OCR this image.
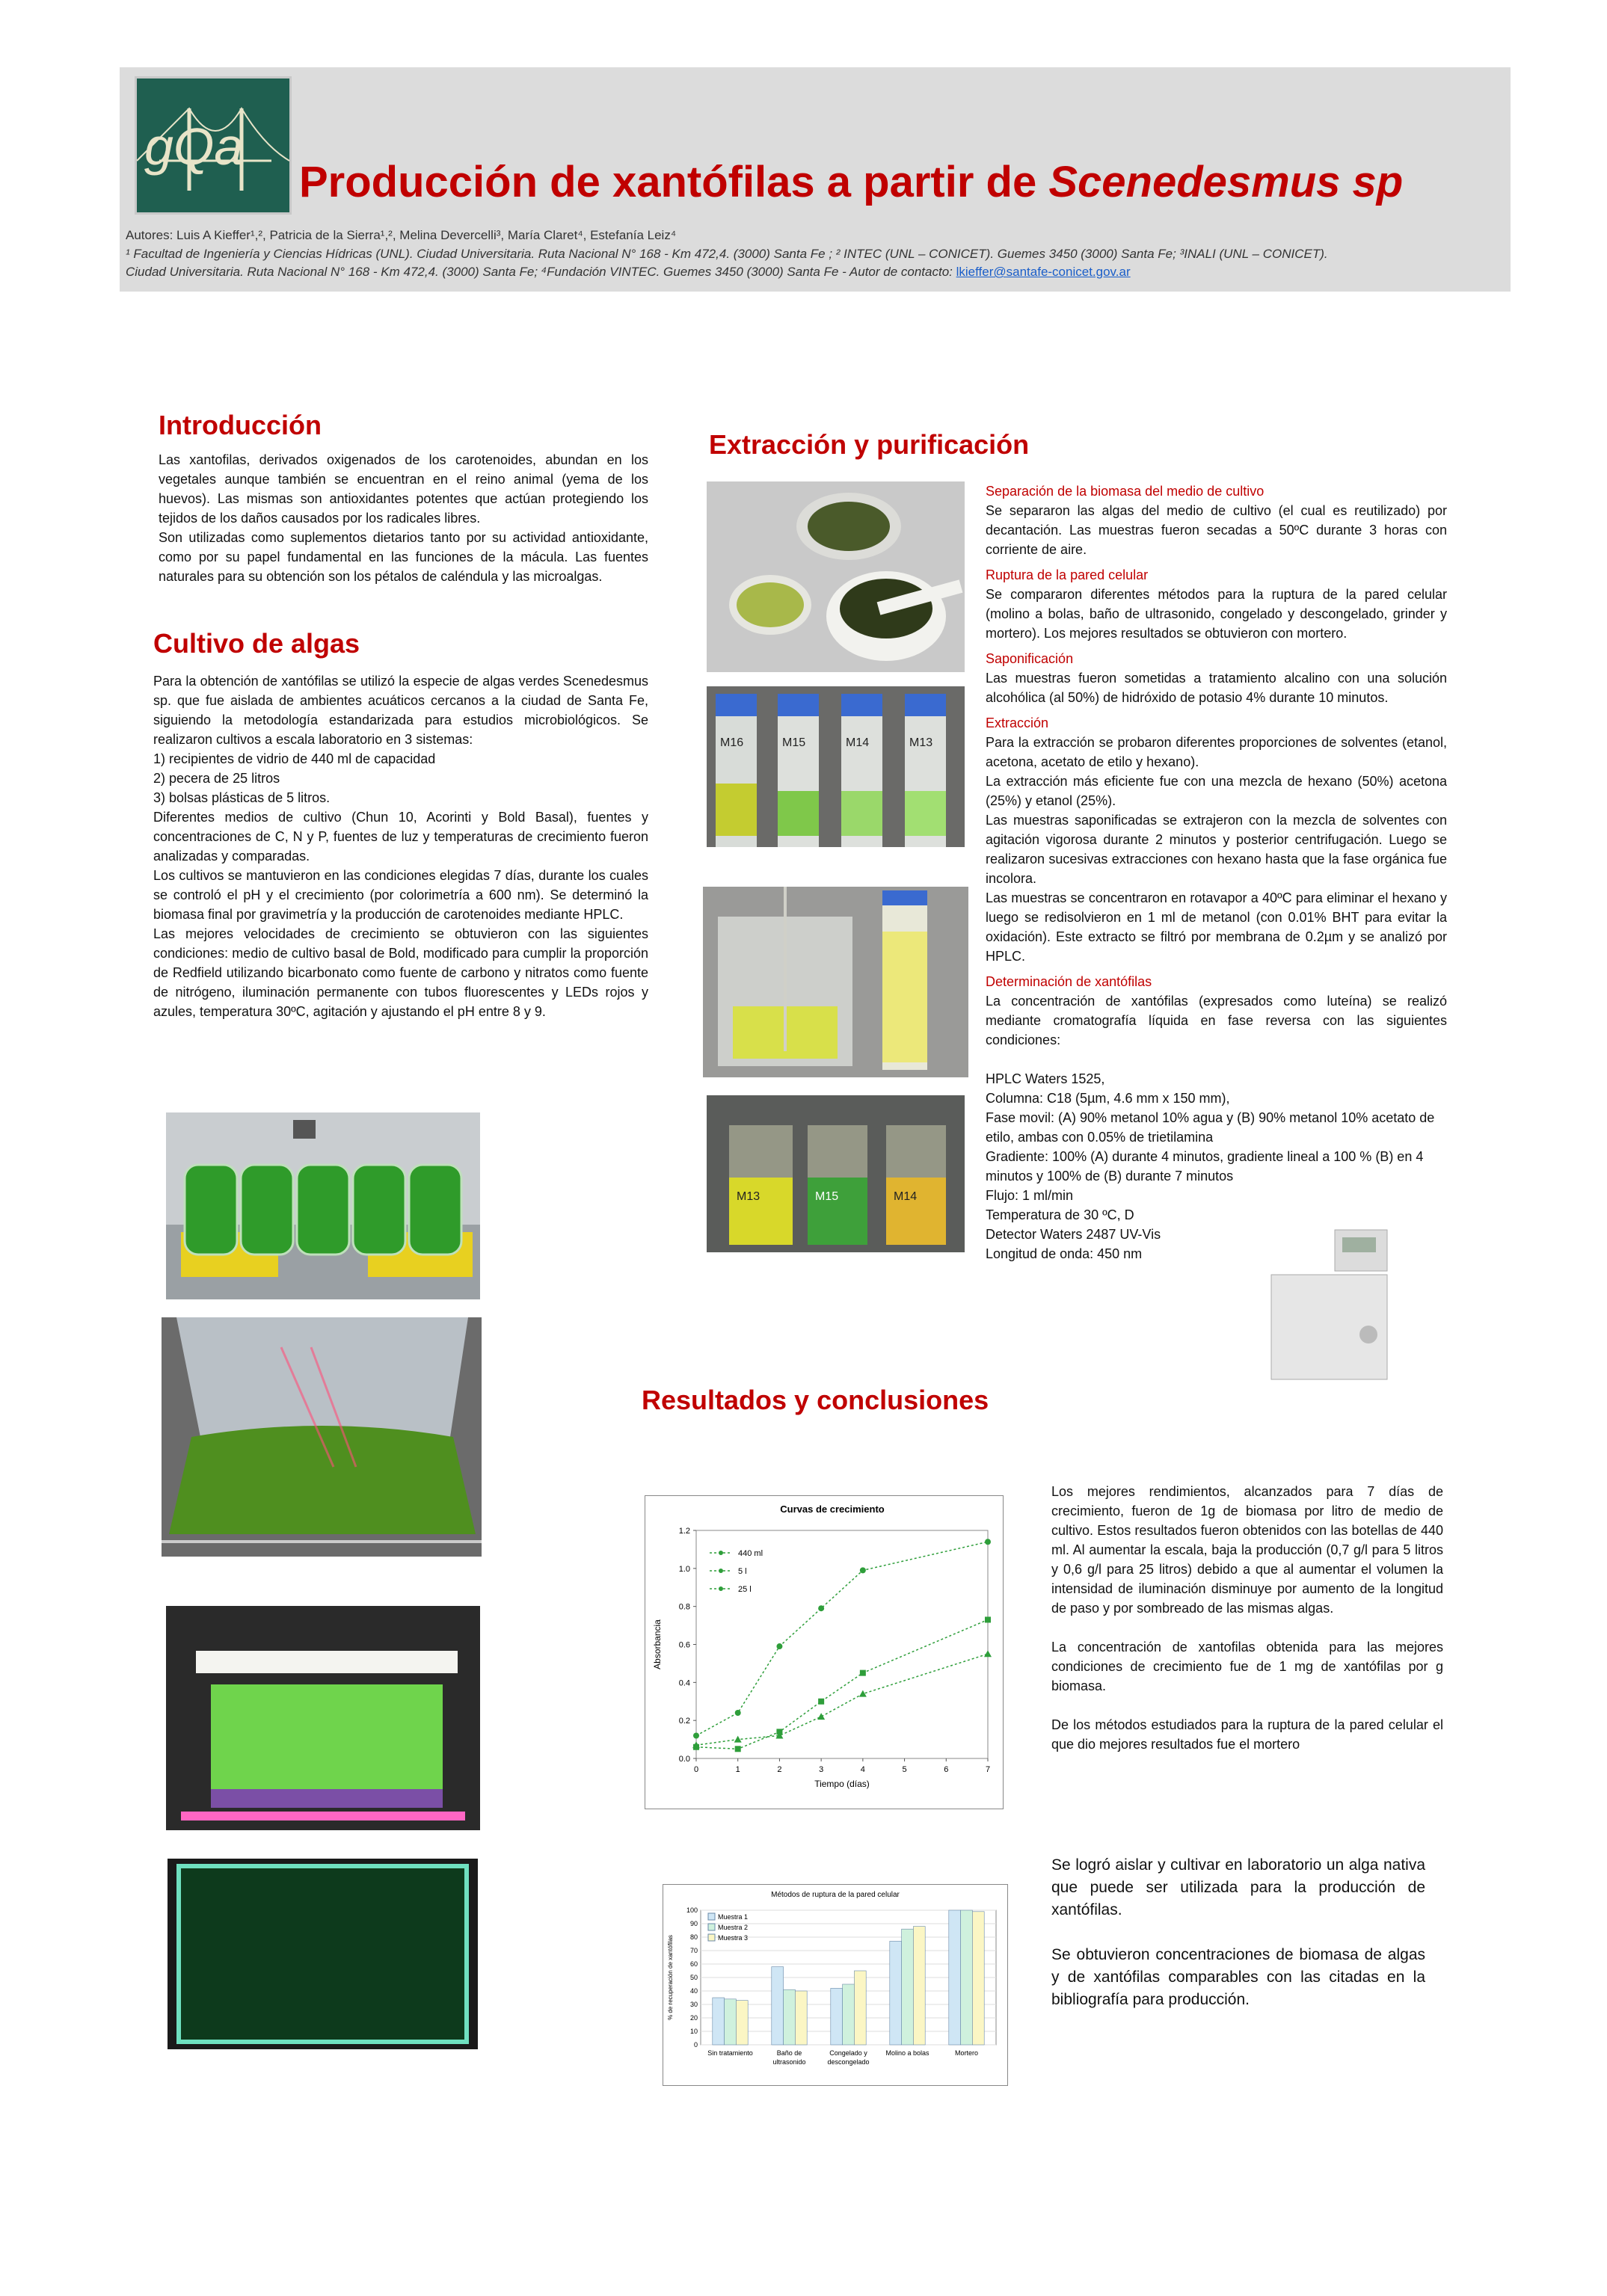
gQa
Producción de xantófilas a partir de Scenedesmus sp
Autores: Luis A Kieffer¹,², Patricia de la Sierra¹,², Melina Devercelli³, María Claret⁴, Estefanía Leiz⁴
¹ Facultad de Ingeniería y Ciencias Hídricas (UNL). Ciudad Universitaria. Ruta Nacional N° 168 - Km 472,4. (3000) Santa Fe ; ² INTEC (UNL – CONICET). Guemes 3450 (3000) Santa Fe; ³INALI (UNL – CONICET).
Ciudad Universitaria. Ruta Nacional N° 168 - Km 472,4. (3000) Santa Fe; ⁴Fundación VINTEC. Guemes 3450 (3000) Santa Fe - Autor de contacto: lkieffer@santafe-conicet.gov.ar
Introducción

Las xantofilas, derivados oxigenados de los carotenoides, abundan en los vegetales aunque también se encuentran en el reino animal (yema de los huevos). Las mismas son antioxidantes potentes que actúan protegiendo los tejidos de los daños causados por los radicales libres.

Son utilizadas como suplementos dietarios tanto por su actividad antioxidante, como por su papel fundamental en las funciones de la mácula. Las fuentes naturales para su obtención son los pétalos de caléndula y las microalgas.

Cultivo de algas

Para la obtención de xantófilas se utilizó la especie de algas verdes Scenedesmus sp. que fue aislada de ambientes acuáticos cercanos a la ciudad de Santa Fe, siguiendo la metodología estandarizada para estudios microbiológicos. Se realizaron cultivos a escala laboratorio en 3 sistemas:

1) recipientes de vidrio de 440 ml de capacidad

2) pecera de 25 litros

3) bolsas plásticas de 5 litros.

Diferentes medios de cultivo (Chun 10, Acorinti y Bold Basal), fuentes y concentraciones de C, N y P, fuentes de luz y temperaturas de crecimiento fueron analizadas y comparadas.

Los cultivos se mantuvieron en las condiciones elegidas 7 días, durante los cuales se controló el pH y el crecimiento (por colorimetría a 600 nm). Se determinó la biomasa final por gravimetría y la producción de carotenoides mediante HPLC.

Las mejores velocidades de crecimiento se obtuvieron con las siguientes condiciones: medio de cultivo basal de Bold, modificado para cumplir la proporción de Redfield utilizando bicarbonato como fuente de carbono y nitratos como fuente de nitrógeno, iluminación permanente con tubos fluorescentes y LEDs rojos y azules, temperatura 30ºC, agitación y ajustando el pH entre 8 y 9.

Extracción y purificación
M16	M15	M14	M13
M13	M15	M14
Separación de la biomasa del medio de cultivo

Se separaron las algas del medio de cultivo (el cual es reutilizado) por decantación. Las muestras fueron secadas a 50ºC durante 3 horas con corriente de aire.

Ruptura de la pared celular

Se compararon diferentes métodos para la ruptura de la pared celular (molino a bolas, baño de ultrasonido, congelado y descongelado, grinder y mortero). Los mejores resultados se obtuvieron con mortero.

Saponificación

Las muestras fueron sometidas a tratamiento alcalino con una solución alcohólica (al 50%) de hidróxido de potasio 4% durante 10 minutos.

Extracción

Para la extracción se probaron diferentes proporciones de solventes (etanol, acetona, acetato de etilo y hexano).

La extracción más eficiente fue con una mezcla de hexano (50%) acetona (25%) y etanol (25%).

Las muestras saponificadas se extrajeron con la mezcla de solventes con agitación vigorosa durante 2 minutos y posterior centrifugación. Luego se realizaron sucesivas extracciones con hexano hasta que la fase orgánica fue incolora.

Las muestras se concentraron en rotavapor a 40ºC para eliminar el hexano y luego se redisolvieron en 1 ml de metanol (con 0.01% BHT para evitar la oxidación). Este extracto se filtró por membrana de 0.2µm y se analizó por HPLC.

Determinación de xantófilas

La concentración de xantófilas (expresados como luteína) se realizó mediante cromatografía líquida en fase reversa con las siguientes condiciones:

HPLC Waters 1525,

Columna: C18 (5µm, 4.6 mm x 150 mm),

Fase movil: (A) 90% metanol 10% agua y (B) 90% metanol 10% acetato de etilo, ambas con 0.05% de trietilamina

Gradiente: 100% (A) durante 4 minutos, gradiente lineal a 100 % (B) en 4 minutos y 100% de (B) durante 7 minutos

Flujo: 1 ml/min

Temperatura de 30 ºC, D

Detector Waters 2487 UV-Vis

Longitud de onda: 450 nm

Resultados y conclusiones
Curvas de crecimiento
0.0
0.2
0.4
0.6
0.8
1.0
1.2
0	1	2	3	4	5	6	7
Tiempo (días)
Absorbancia
440 ml
5 l
25 l
Métodos de ruptura de la pared celular
0
10
20
30
40
50
60
70
80
90
100
% de recuperación de xantófilas
Sin tratamiento	Baño de
ultrasonido
Congelado y
descongelado
Molino a bolas	Mortero
Muestra 1
Muestra 2
Muestra 3

Los mejores rendimientos, alcanzados para 7 días de crecimiento, fueron de 1g de biomasa por litro de medio de cultivo. Estos resultados fueron obtenidos con las botellas de 440 ml. Al aumentar la escala, baja la producción (0,7 g/l para 5 litros y 0,6 g/l para 25 litros) debido a que al aumentar el volumen la intensidad de iluminación disminuye por aumento de la longitud de paso y por sombreado de las mismas algas.

La concentración de xantofilas obtenida para las mejores condiciones de crecimiento fue de 1 mg de xantófilas por g biomasa.

De los métodos estudiados para la ruptura de la pared celular el que dio mejores resultados fue el mortero

Se logró aislar y cultivar en laboratorio un alga nativa que puede ser utilizada para la producción de xantófilas.

Se obtuvieron concentraciones de biomasa de algas y de xantófilas comparables con las citadas en la bibliografía para producción.
